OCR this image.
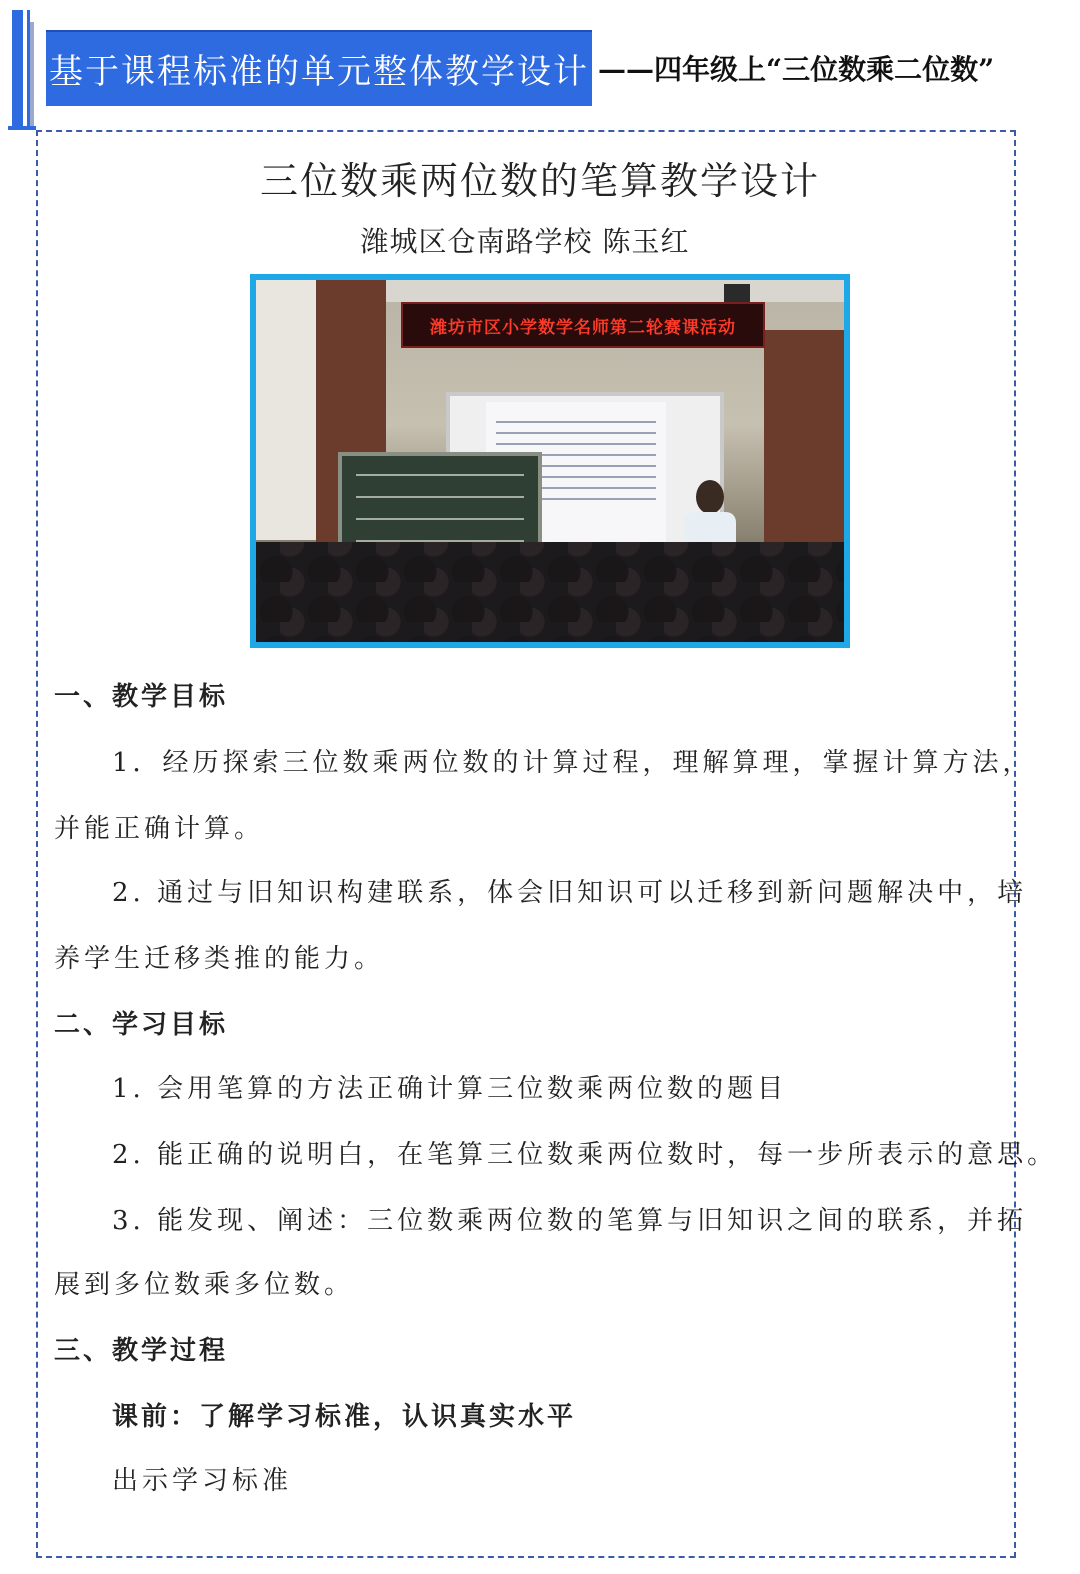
基于课程标准的单元整体教学设计 ——四年级上“三位数乘二位数”
三位数乘两位数的笔算教学设计
潍城区仓南路学校 陈玉红
潍坊市区小学数学名师第二轮赛课活动
一、教学目标
1．经历探索三位数乘两位数的计算过程，理解算理，掌握计算方法，
并能正确计算。
2. 通过与旧知识构建联系，体会旧知识可以迁移到新问题解决中，培
养学生迁移类推的能力。
二、学习目标
1. 会用笔算的方法正确计算三位数乘两位数的题目
2. 能正确的说明白，在笔算三位数乘两位数时，每一步所表示的意思。
3. 能发现、阐述：三位数乘两位数的笔算与旧知识之间的联系，并拓
展到多位数乘多位数。
三、教学过程
课前：了解学习标准，认识真实水平
出示学习标准
